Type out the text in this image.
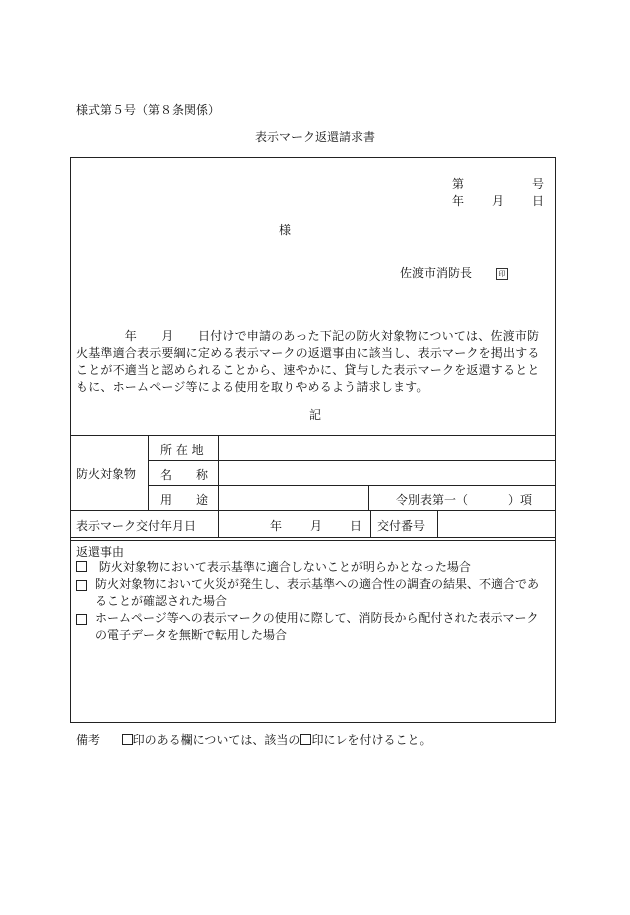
様式第５号（第８条関係）
表示マーク返還請求書
第	号
年 月 日
様
佐渡市消防長	印
　　　　年　　月　　日付けで申請のあった下記の防火対象物については、佐渡市防火基準適合表示要綱に定める表示マークの返還事由に該当し、表示マークを掲出することが不適当と認められることから、速やかに、貸与した表示マークを返還するとともに、ホームページ等による使用を取りやめるよう請求します。
記
防火対象物
所 在 地
名　　称
用　　途	令別表第一（	）項
表示マーク交付年月日	年 月 日 交付番号
返還事由
防火対象物において表示基準に適合しないことが明らかとなった場合
防火対象物において火災が発生し、表示基準への適合性の調査の結果、不適合であることが確認された場合
ホームページ等への表示マークの使用に際して、消防長から配付された表示マークの電子データを無断で転用した場合
備考	印のある欄については、該当の 印にレを付けること。
